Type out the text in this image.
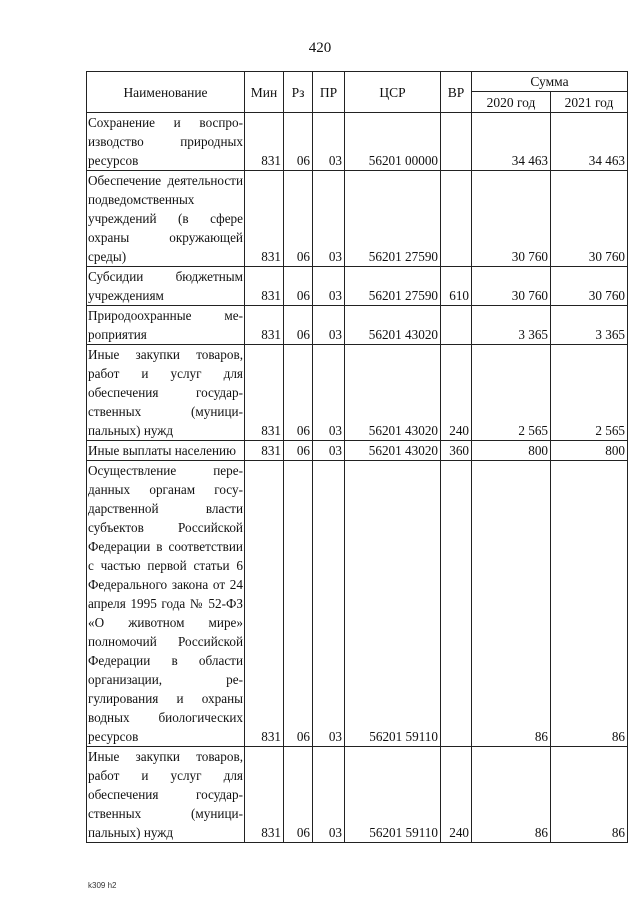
420
Наименование	Мин	Рз	ПР	ЦСР	ВР	Сумма	
						2020 год	2021 год
Сохранение и воспроизводство природных ресурсов	831	06	03	56201 00000		34 463	34 463
Обеспечение деятельности подведомственных учреждений (в сфере охраны окружающей среды)	831	06	03	56201 27590		30 760	30 760
Субсидии бюджетным учреждениям	831	06	03	56201 27590	610	30 760	30 760
Природоохранные мероприятия	831	06	03	56201 43020		3 365	3 365
Иные закупки товаров, работ и услуг для обеспечения государственных (муниципальных) нужд	831	06	03	56201 43020	240	2 565	2 565
Иные выплаты населению	831	06	03	56201 43020	360	800	800
Осуществление переданных органам государственной власти субъектов Российской Федерации в соответствии с частью первой статьи 6 Федерального закона от 24 апреля 1995 года № 52-ФЗ «О животном мире» полномочий Российской Федерации в области организации, регулирования и охраны водных биологических ресурсов	831	06	03	56201 59110		86	86
Иные закупки товаров, работ и услуг для обеспечения государственных (муниципальных) нужд	831	06	03	56201 59110	240	86	86
k309 h2
